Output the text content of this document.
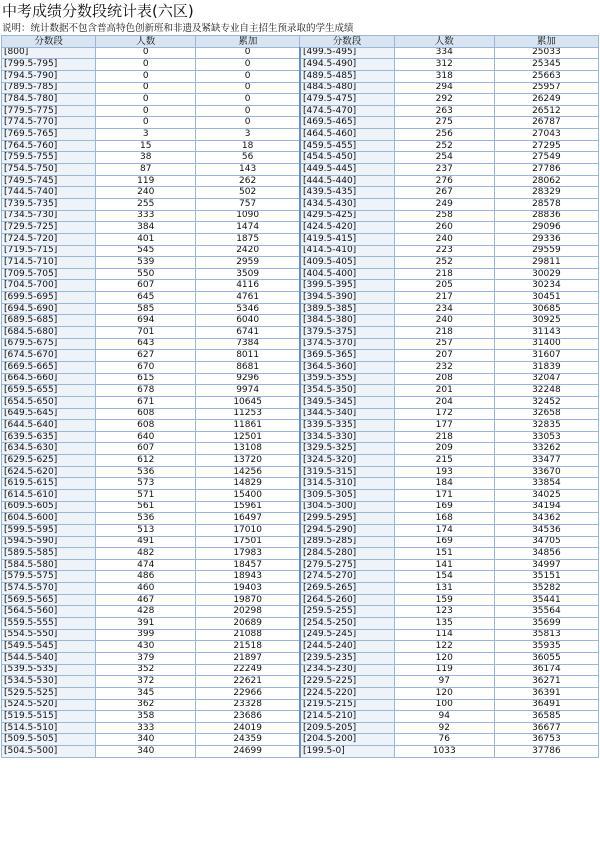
中考成绩分数段统计表(六区)
说明：统计数据不包含普高特色创新班和非遗及紧缺专业自主招生预录取的学生成绩
分数段	人数	累加	分数段	人数	累加
[800]	0	0	[499.5-495]	334	25033
[799.5-795]	0	0	[494.5-490]	312	25345
[794.5-790]	0	0	[489.5-485]	318	25663
[789.5-785]	0	0	[484.5-480]	294	25957
[784.5-780]	0	0	[479.5-475]	292	26249
[779.5-775]	0	0	[474.5-470]	263	26512
[774.5-770]	0	0	[469.5-465]	275	26787
[769.5-765]	3	3	[464.5-460]	256	27043
[764.5-760]	15	18	[459.5-455]	252	27295
[759.5-755]	38	56	[454.5-450]	254	27549
[754.5-750]	87	143	[449.5-445]	237	27786
[749.5-745]	119	262	[444.5-440]	276	28062
[744.5-740]	240	502	[439.5-435]	267	28329
[739.5-735]	255	757	[434.5-430]	249	28578
[734.5-730]	333	1090	[429.5-425]	258	28836
[729.5-725]	384	1474	[424.5-420]	260	29096
[724.5-720]	401	1875	[419.5-415]	240	29336
[719.5-715]	545	2420	[414.5-410]	223	29559
[714.5-710]	539	2959	[409.5-405]	252	29811
[709.5-705]	550	3509	[404.5-400]	218	30029
[704.5-700]	607	4116	[399.5-395]	205	30234
[699.5-695]	645	4761	[394.5-390]	217	30451
[694.5-690]	585	5346	[389.5-385]	234	30685
[689.5-685]	694	6040	[384.5-380]	240	30925
[684.5-680]	701	6741	[379.5-375]	218	31143
[679.5-675]	643	7384	[374.5-370]	257	31400
[674.5-670]	627	8011	[369.5-365]	207	31607
[669.5-665]	670	8681	[364.5-360]	232	31839
[664.5-660]	615	9296	[359.5-355]	208	32047
[659.5-655]	678	9974	[354.5-350]	201	32248
[654.5-650]	671	10645	[349.5-345]	204	32452
[649.5-645]	608	11253	[344.5-340]	172	32658
[644.5-640]	608	11861	[339.5-335]	177	32835
[639.5-635]	640	12501	[334.5-330]	218	33053
[634.5-630]	607	13108	[329.5-325]	209	33262
[629.5-625]	612	13720	[324.5-320]	215	33477
[624.5-620]	536	14256	[319.5-315]	193	33670
[619.5-615]	573	14829	[314.5-310]	184	33854
[614.5-610]	571	15400	[309.5-305]	171	34025
[609.5-605]	561	15961	[304.5-300]	169	34194
[604.5-600]	536	16497	[299.5-295]	168	34362
[599.5-595]	513	17010	[294.5-290]	174	34536
[594.5-590]	491	17501	[289.5-285]	169	34705
[589.5-585]	482	17983	[284.5-280]	151	34856
[584.5-580]	474	18457	[279.5-275]	141	34997
[579.5-575]	486	18943	[274.5-270]	154	35151
[574.5-570]	460	19403	[269.5-265]	131	35282
[569.5-565]	467	19870	[264.5-260]	159	35441
[564.5-560]	428	20298	[259.5-255]	123	35564
[559.5-555]	391	20689	[254.5-250]	135	35699
[554.5-550]	399	21088	[249.5-245]	114	35813
[549.5-545]	430	21518	[244.5-240]	122	35935
[544.5-540]	379	21897	[239.5-235]	120	36055
[539.5-535]	352	22249	[234.5-230]	119	36174
[534.5-530]	372	22621	[229.5-225]	97	36271
[529.5-525]	345	22966	[224.5-220]	120	36391
[524.5-520]	362	23328	[219.5-215]	100	36491
[519.5-515]	358	23686	[214.5-210]	94	36585
[514.5-510]	333	24019	[209.5-205]	92	36677
[509.5-505]	340	24359	[204.5-200]	76	36753
[504.5-500]	340	24699	[199.5-0]	1033	37786
